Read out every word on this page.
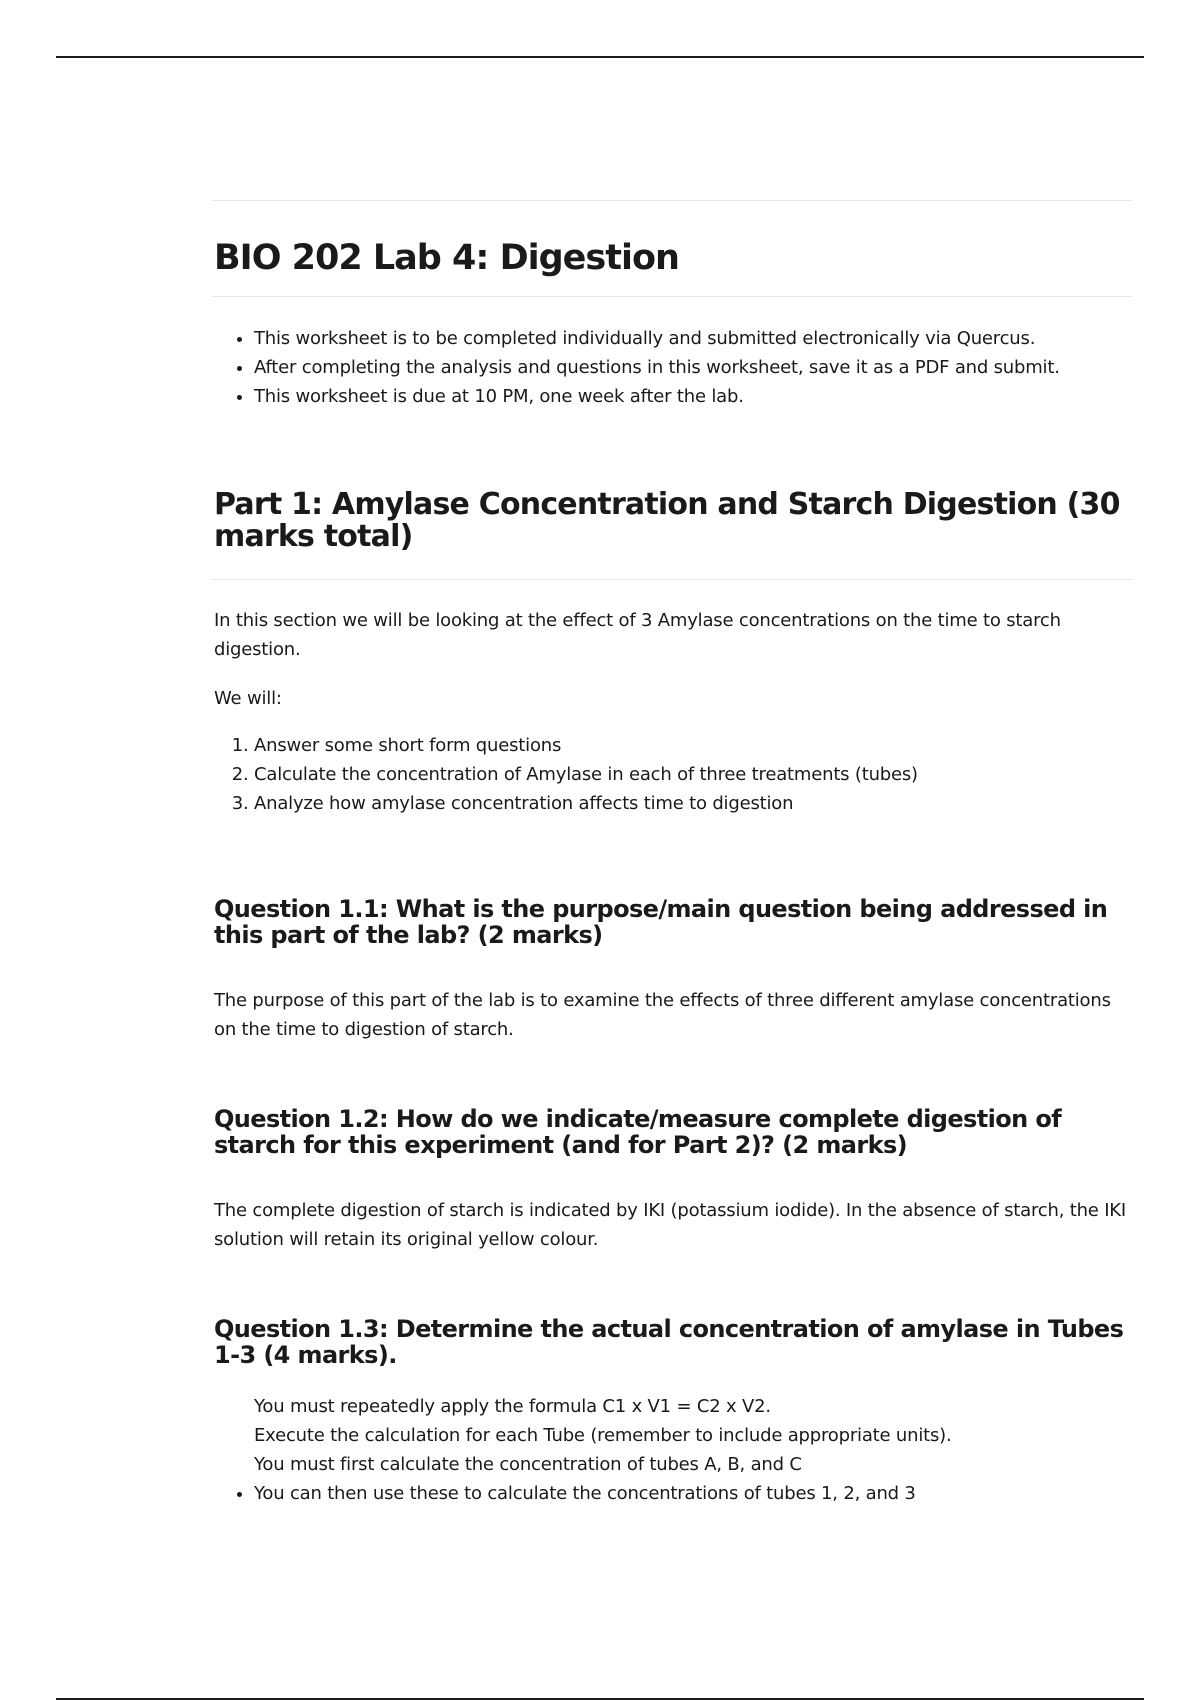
BIO 202 Lab 4: Digestion
• This worksheet is to be completed individually and submitted electronically via Quercus.
• After completing the analysis and questions in this worksheet, save it as a PDF and submit.
• This worksheet is due at 10 PM, one week after the lab.
Part 1: Amylase Concentration and Starch Digestion (30 marks total)

In this section we will be looking at the effect of 3 Amylase concentrations on the time to starch digestion.

We will:

1. Answer some short form questions
2. Calculate the concentration of Amylase in each of three treatments (tubes)
3. Analyze how amylase concentration affects time to digestion
Question 1.1: What is the purpose/main question being addressed in this part of the lab? (2 marks)

The purpose of this part of the lab is to examine the effects of three different amylase concentrations on the time to digestion of starch.

Question 1.2: How do we indicate/measure complete digestion of starch for this experiment (and for Part 2)? (2 marks)

The complete digestion of starch is indicated by IKI (potassium iodide). In the absence of starch, the IKI solution will retain its original yellow colour.

Question 1.3: Determine the actual concentration of amylase in Tubes 1-3 (4 marks).
You must repeatedly apply the formula C1 x V1 = C2 x V2.
Execute the calculation for each Tube (remember to include appropriate units).
You must first calculate the concentration of tubes A, B, and C
• You can then use these to calculate the concentrations of tubes 1, 2, and 3
